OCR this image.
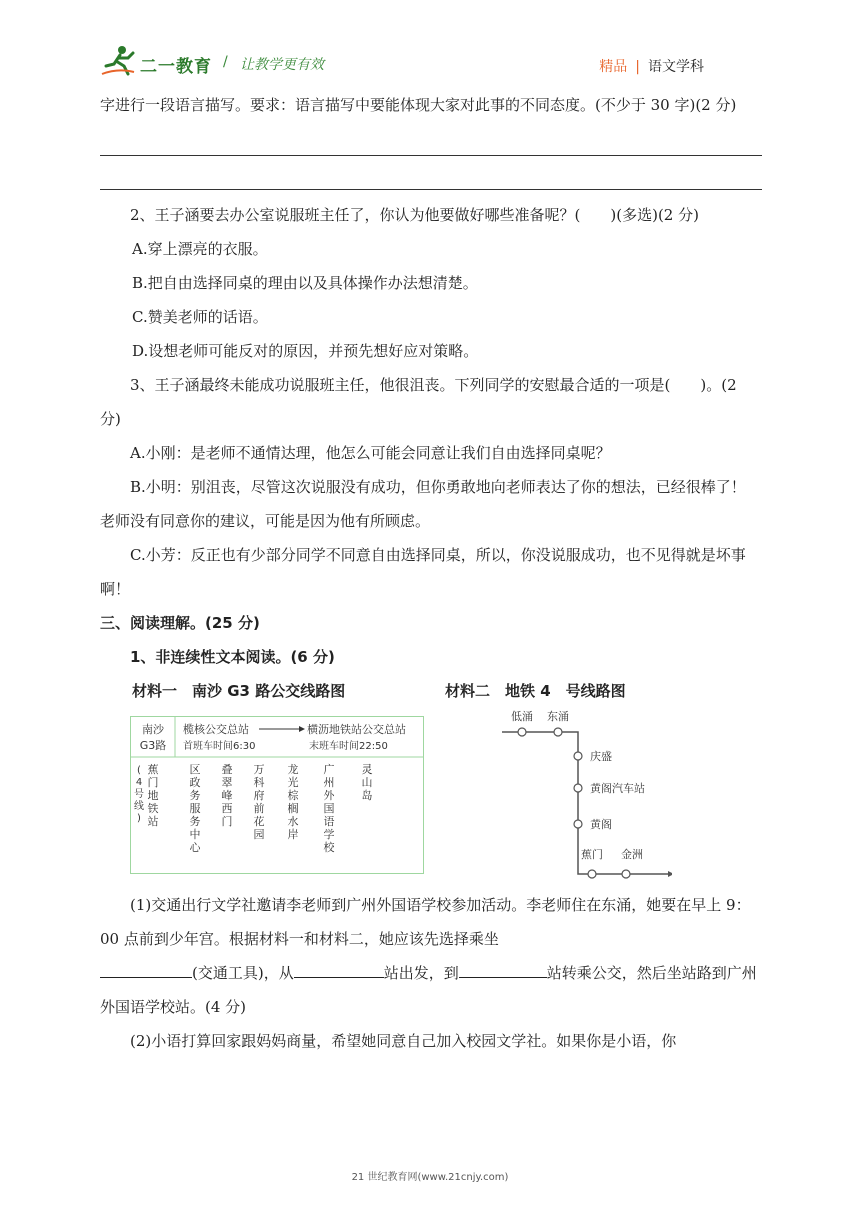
二一教育 / 让教学更有效	精品 | 语文学科

字进行一段语言描写。要求：语言描写中要能体现大家对此事的不同态度。(不少于 30 字)(2 分)

2、王子涵要去办公室说服班主任了，你认为他要做好哪些准备呢？(　　)(多选)(2 分)

A.穿上漂亮的衣服。

B.把自由选择同桌的理由以及具体操作办法想清楚。

C.赞美老师的话语。

D.设想老师可能反对的原因，并预先想好应对策略。

3、王子涵最终未能成功说服班主任，他很沮丧。下列同学的安慰最合适的一项是(　　)。(2 分)

A.小刚：是老师不通情达理，他怎么可能会同意让我们自由选择同桌呢？

B.小明：别沮丧，尽管这次说服没有成功，但你勇敢地向老师表达了你的想法，已经很棒了！ 老师没有同意你的建议，可能是因为他有所顾虑。

C.小芳：反正也有少部分同学不同意自由选择同桌，所以，你没说服成功，也不见得就是坏事啊！

三、阅读理解。(25 分)

1、非连续性文本阅读。(6 分)

材料一　南沙 G3 路公交线路图	材料二　地铁 4　号线路图
南沙
G3路
榄核公交总站	横沥地铁站公交总站
首班车时间6:30	末班车时间22:50
蕉门地铁站
区政务服务中心
叠翠峰西门
万科府前花园
龙光棕榈水岸
广州外国语学校
灵山岛
( 4 号线)
低涌 东涌
庆盛
黄阁汽车站
黄阁
蕉门 金洲

(1)交通出行文学社邀请李老师到广州外国语学校参加活动。李老师住在东涌，她要在早上 9：00 点前到少年宫。根据材料一和材料二，她应该先选择乘坐

(交通工具)，从	站出发，到	站转乘公交，然后坐站路到广州外国语学校站。(4 分)

(2)小语打算回家跟妈妈商量，希望她同意自己加入校园文学社。如果你是小语，你

21 世纪教育网(www.21cnjy.com)
